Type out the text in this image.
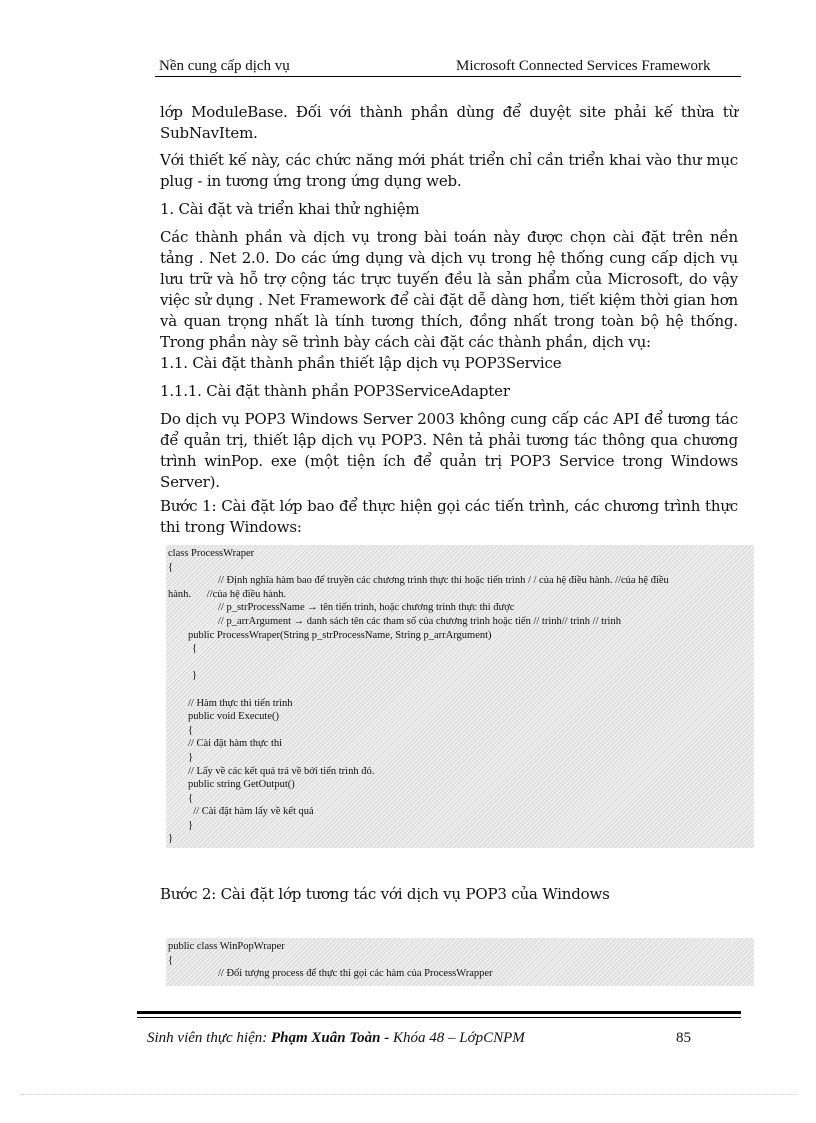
Nền cung cấp dịch vụ	Microsoft Connected Services Framework
lớp ModuleBase. Đối với thành phần dùng để duyệt site phải kế thừa từ SubNavItem.
Với thiết kế này, các chức năng mới phát triển chỉ cần triển khai vào thư mục plug - in tương ứng trong ứng dụng web.
1. Cài đặt và triển khai thử nghiệm
Các thành phần và dịch vụ trong bài toán này được chọn cài đặt trên nền tảng . Net 2.0. Do các ứng dụng và dịch vụ trong hệ thống cung cấp dịch vụ lưu trữ và hỗ trợ cộng tác trực tuyến đều là sản phẩm của Microsoft, do vậy việc sử dụng . Net Framework để cài đặt dễ dàng hơn, tiết kiệm thời gian hơn và quan trọng nhất là tính tương thích, đồng nhất trong toàn bộ hệ thống. Trong phần này sẽ trình bày cách cài đặt các thành phần, dịch vụ:
1.1. Cài đặt thành phần thiết lập dịch vụ POP3Service
1.1.1. Cài đặt thành phần POP3ServiceAdapter
Do dịch vụ POP3 Windows Server 2003 không cung cấp các API để tương tác để quản trị, thiết lập dịch vụ POP3. Nên tả phải tương tác thông qua chương trình winPop. exe (một tiện ích để quản trị POP3 Service trong Windows Server).
Bước 1: Cài đặt lớp bao để thực hiện gọi các tiến trình, các chương trình thực thi trong Windows:
class ProcessWraper
{
// Định nghĩa hàm bao để truyền các chương trình thực thi hoặc tiến trình / / của hệ điều hành. //của hệ điều
hành.      //của hệ điều hành.
// p_strProcessName → tên tiến trình, hoặc chương trình thực thi được
// p_arrArgument → danh sách tên các tham số của chương trình hoặc tiến // trình// trình // trình
public ProcessWraper(String p_strProcessName, String p_arrArgument)
{
}
// Hàm thực thi tiến trình
public void Execute()
{
// Cài đặt hàm thực thi
}
// Lấy về các kết quả trả về bởi tiến trình đó.
public string GetOutput()
{
// Cài đặt hàm lấy về kết quả
}
}
Bước 2: Cài đặt lớp tương tác với dịch vụ POP3 của Windows
public class WinPopWraper
{
// Đối tượng process để thực thi gọi các hàm của ProcessWrapper
Sinh viên thực hiện: Phạm Xuân Toàn - Khóa 48 – LớpCNPM	85
